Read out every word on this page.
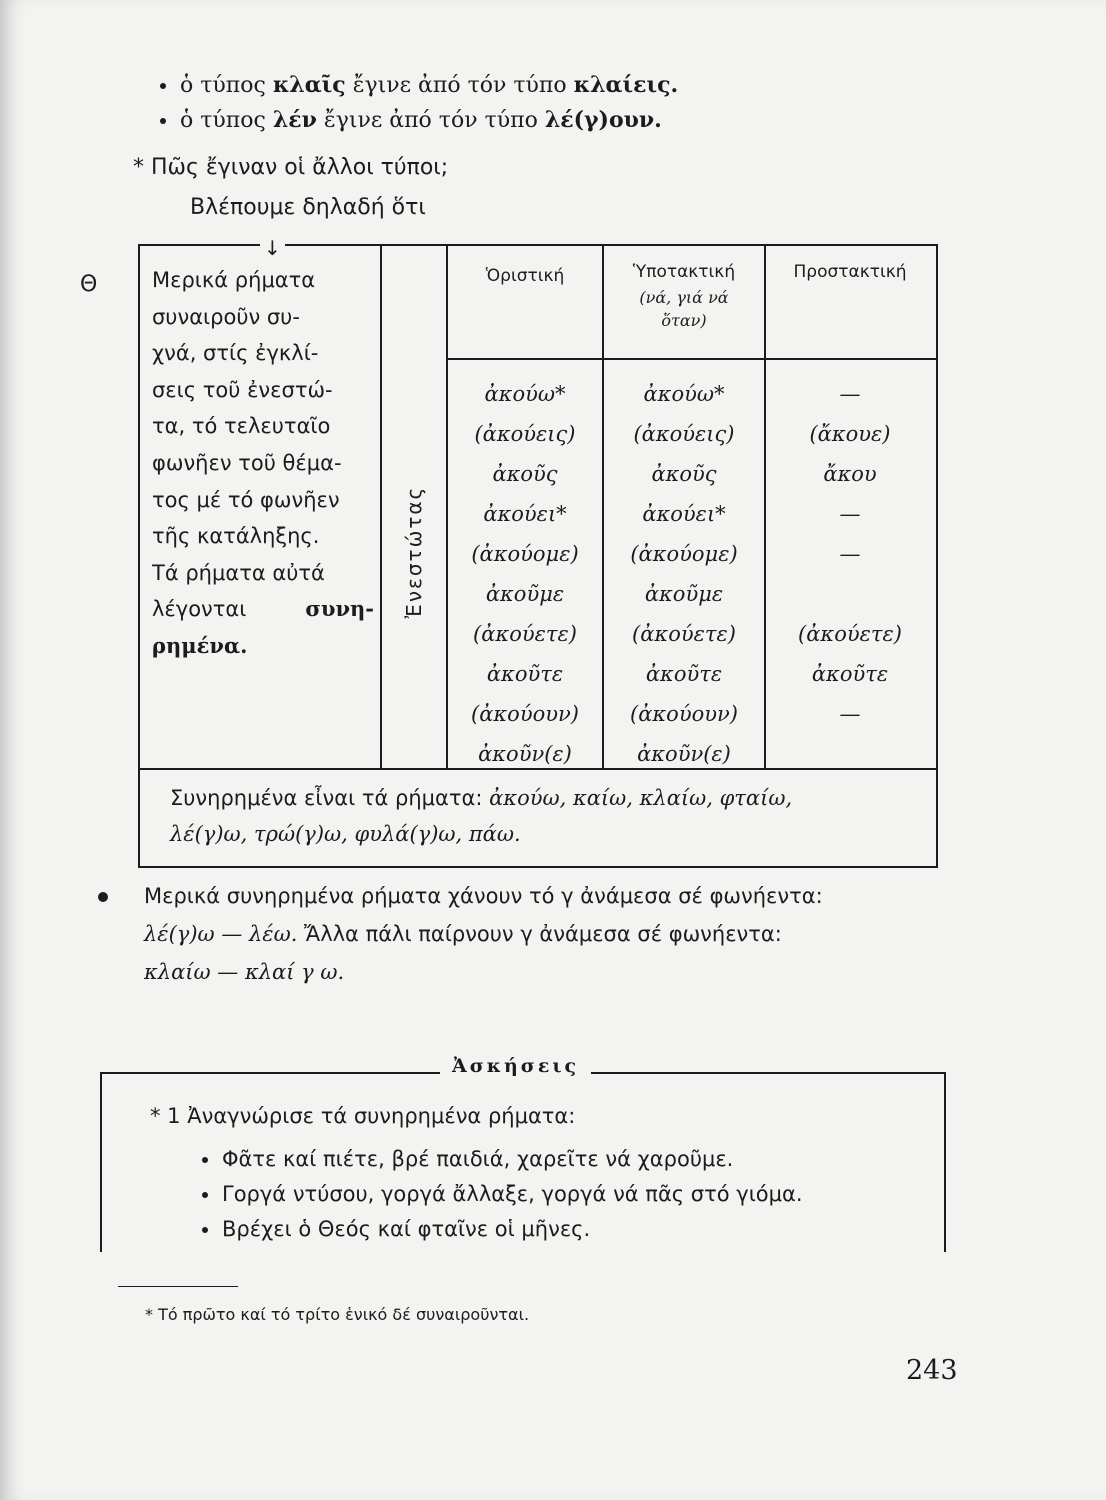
ὁ τύπος κλαῖς ἔγινε ἀπό τόν τύπο κλαίεις.
ὁ τύπος λέν ἔγινε ἀπό τόν τύπο λέ(γ)ουν.
* Πῶς ἔγιναν οἱ ἄλλοι τύποι;
Βλέπουμε δηλαδή ὅτι
Θ
↓
Μερικά ρήματα
συναιροῦν συ-
χνά, στίς ἐγκλί-
σεις τοῦ ἐνεστώ-
τα, τό τελευταῖο
φωνῆεν τοῦ θέμα-
τος μέ τό φωνῆεν
τῆς κατάληξης.
Τά ρήματα αὐτά
λέγονται	συνη-
ρημένα.
Ἐνεστώτας
Ὁριστική	Ὑποτακτική
(νά, γιά νά
ὅταν)
Προστακτική
ἀκούω*
(ἀκούεις)
ἀκοῦς
ἀκούει*
(ἀκούομε)
ἀκοῦμε
(ἀκούετε)
ἀκοῦτε
(ἀκούουν)
ἀκοῦν(ε)
ἀκούω*
(ἀκούεις)
ἀκοῦς
ἀκούει*
(ἀκούομε)
ἀκοῦμε
(ἀκούετε)
ἀκοῦτε
(ἀκούουν)
ἀκοῦν(ε)
—
(ἄκουε)
ἄκου
—
—
(ἀκούετε)
ἀκοῦτε
—
Συνηρημένα εἶναι τά ρήματα: ἀκούω, καίω, κλαίω, φταίω,
λέ(γ)ω, τρώ(γ)ω, φυλά(γ)ω, πάω.
Μερικά συνηρημένα ρήματα χάνουν τό γ ἀνάμεσα σέ φωνήεντα:
λέ(γ)ω — λέω. Ἄλλα πάλι παίρνουν γ ἀνάμεσα σέ φωνήεντα:
κλαίω — κλαί γ ω.
Ἀσκήσεις
* 1 Ἀναγνώρισε τά συνηρημένα ρήματα:
Φᾶτε καί πιέτε, βρέ παιδιά, χαρεῖτε νά χαροῦμε.
Γοργά ντύσου, γοργά ἄλλαξε, γοργά νά πᾶς στό γιόμα.
Βρέχει ὁ Θεός καί φταῖνε οἱ μῆνες.
* Τό πρῶτο καί τό τρίτο ἑνικό δέ συναιροῦνται.
243
